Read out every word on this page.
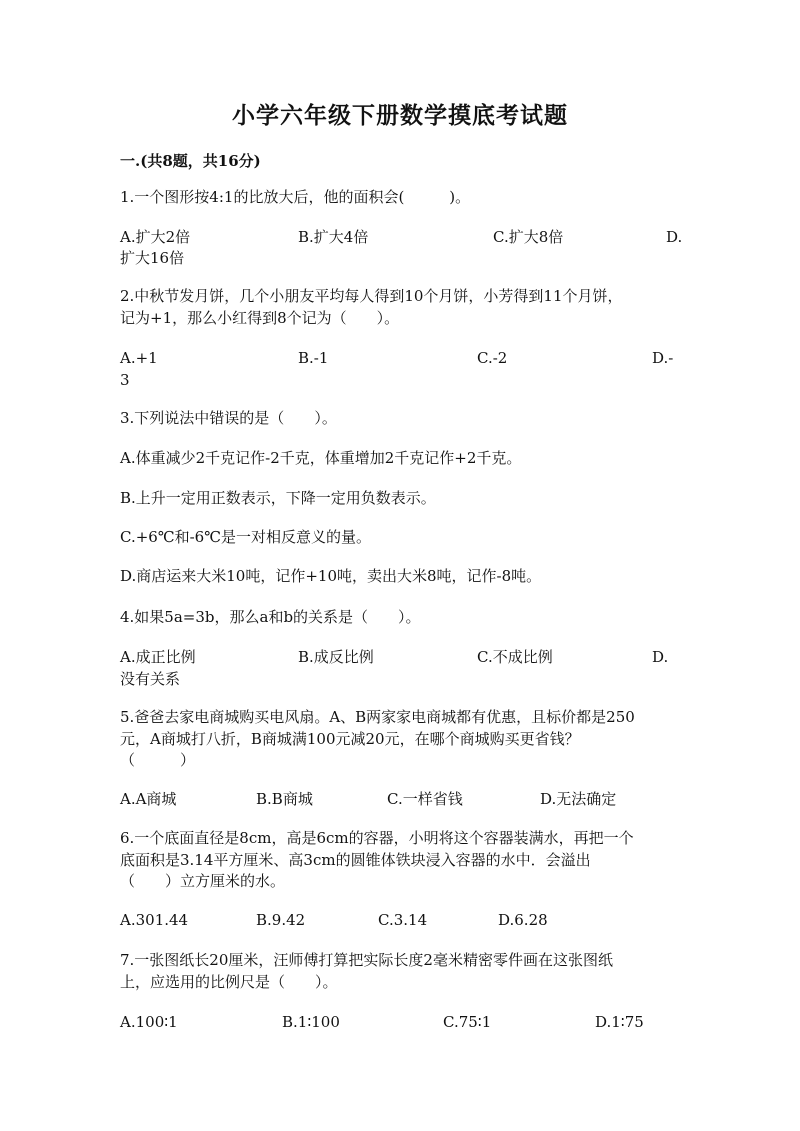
小学六年级下册数学摸底考试题
一.(共8题，共16分)
1.一个图形按4:1的比放大后，他的面积会(　　　)。
A.扩大2倍	B.扩大4倍	C.扩大8倍	D.
扩大16倍
2.中秋节发月饼，几个小朋友平均每人得到10个月饼，小芳得到11个月饼，
记为+1，那么小红得到8个记为（　　）。
A.+1	B.-1	C.-2	D.-
3
3.下列说法中错误的是（　　）。
A.体重减少2千克记作-2千克，体重增加2千克记作+2千克。
B.上升一定用正数表示，下降一定用负数表示。
C.+6℃和-6℃是一对相反意义的量。
D.商店运来大米10吨，记作+10吨，卖出大米8吨，记作-8吨。
4.如果5a=3b，那么a和b的关系是（　　）。
A.成正比例	B.成反比例	C.不成比例	D.
没有关系
5.爸爸去家电商城购买电风扇。A、B两家家电商城都有优惠，且标价都是250
元，A商城打八折，B商城满100元减20元，在哪个商城购买更省钱？
（　　　）
A.A商城	B.B商城	C.一样省钱	D.无法确定
6.一个底面直径是8cm，高是6cm的容器，小明将这个容器装满水，再把一个
底面积是3.14平方厘米、高3cm的圆锥体铁块浸入容器的水中．会溢出
（　　）立方厘米的水。
A.301.44	B.9.42	C.3.14	D.6.28
7.一张图纸长20厘米，汪师傅打算把实际长度2毫米精密零件画在这张图纸
上，应选用的比例尺是（　　）。
A.100∶1	B.1∶100	C.75∶1	D.1∶75
